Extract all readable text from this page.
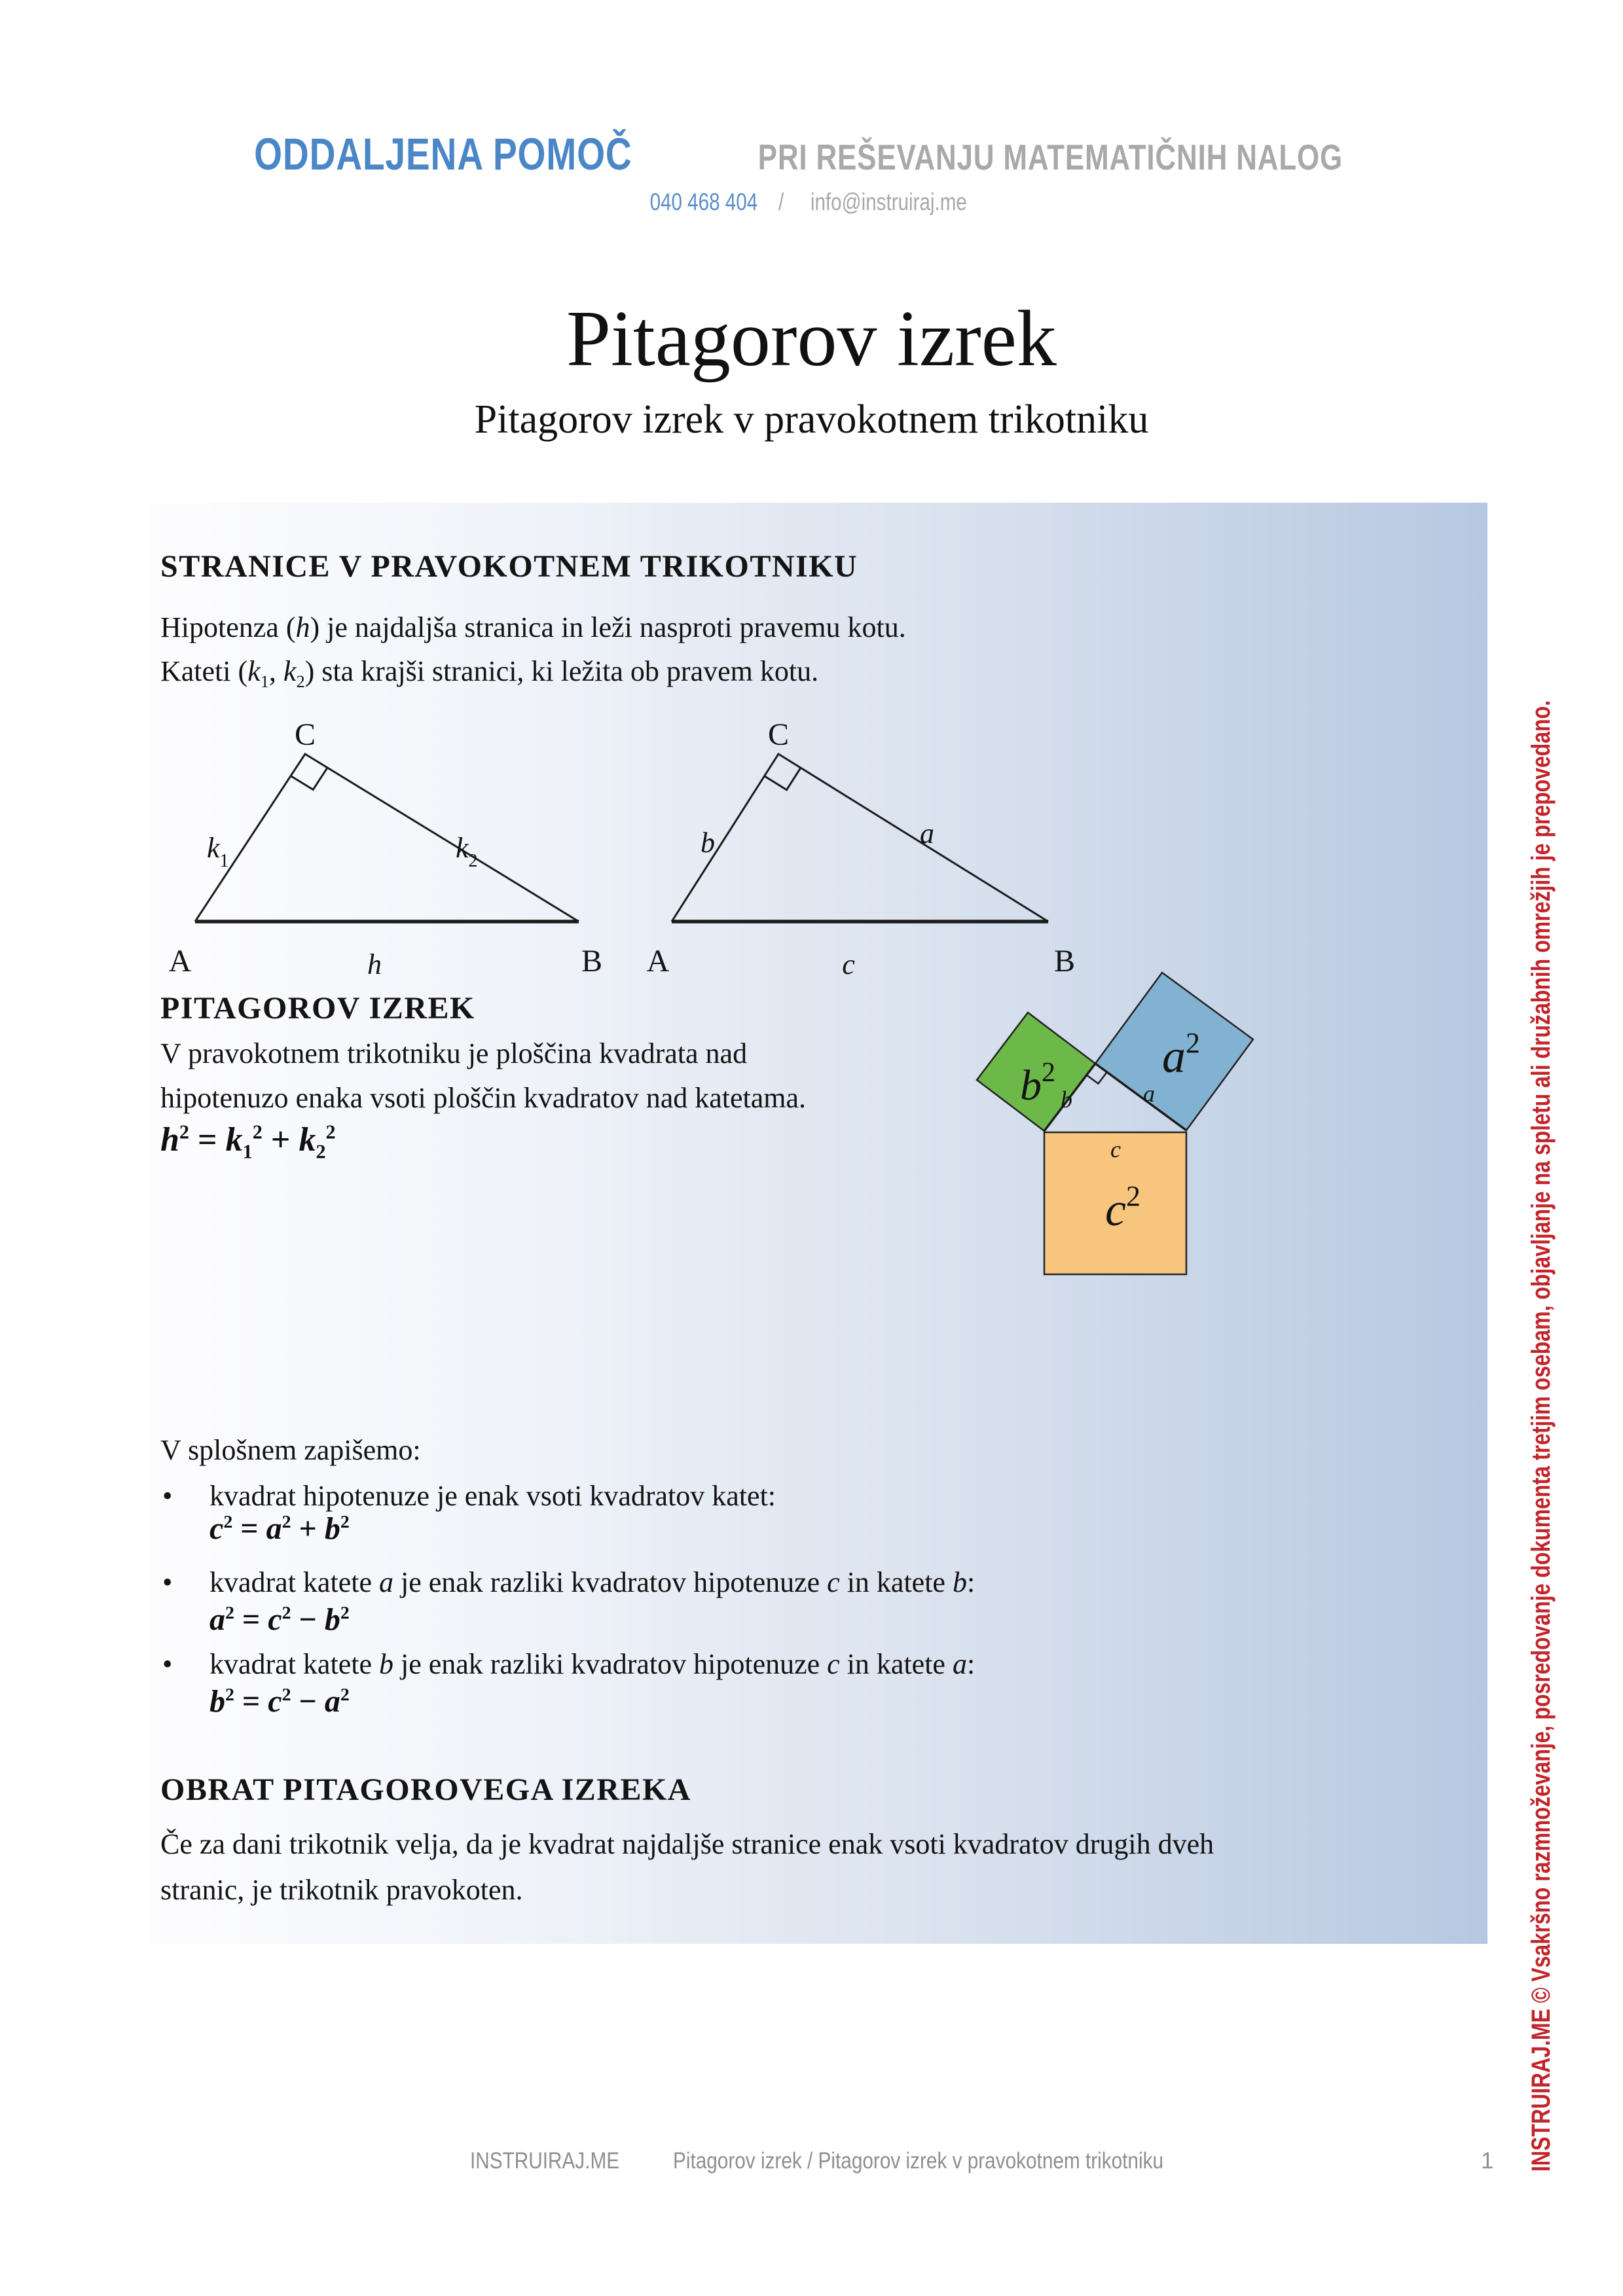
ODDALJENA POMOČ	PRI REŠEVANJU MATEMATIČNIH NALOG
040 468 404 / info@instruiraj.me
Pitagorov izrek
Pitagorov izrek v pravokotnem trikotniku
STRANICE V PRAVOKOTNEM TRIKOTNIKU
Hipotenza (h) je najdaljša stranica in leži nasproti pravemu kotu.
Kateti ($k_1$, $k_2$) sta krajši stranici, ki ležita ob pravem kotu.
C
A	B
$k_1$	$k_2$
h
C
A	B
b	a
c
PITAGOROV IZREK
V pravokotnem trikotniku je ploščina kvadrata nad
hipotenuzo enaka vsoti ploščin kvadratov nad katetama.
$h^2 = k_1^2 + k_2^2$
$b^2$ $a^2$
$c^2$
b	a
c
V splošnem zapišemo:
• kvadrat hipotenuze je enak vsoti kvadratov katet:
$c^2 = a^2 + b^2$
• kvadrat katete a je enak razliki kvadratov hipotenuze c in katete b:
$a^2 = c^2 - b^2$
• kvadrat katete b je enak razliki kvadratov hipotenuze c in katete a:
$b^2 = c^2 - a^2$
OBRAT PITAGOROVEGA IZREKA
Če za dani trikotnik velja, da je kvadrat najdaljše stranice enak vsoti kvadratov drugih dveh
stranic, je trikotnik pravokoten.	INSTRUIRAJ.ME © Vsakršno razmnoževanje, posredovanje dokumenta tretjim osebam, objavljanje na spletu ali družabnih omrežjih je prepovedano.
INSTRUIRAJ.ME	Pitagorov izrek / Pitagorov izrek v pravokotnem trikotniku	1
